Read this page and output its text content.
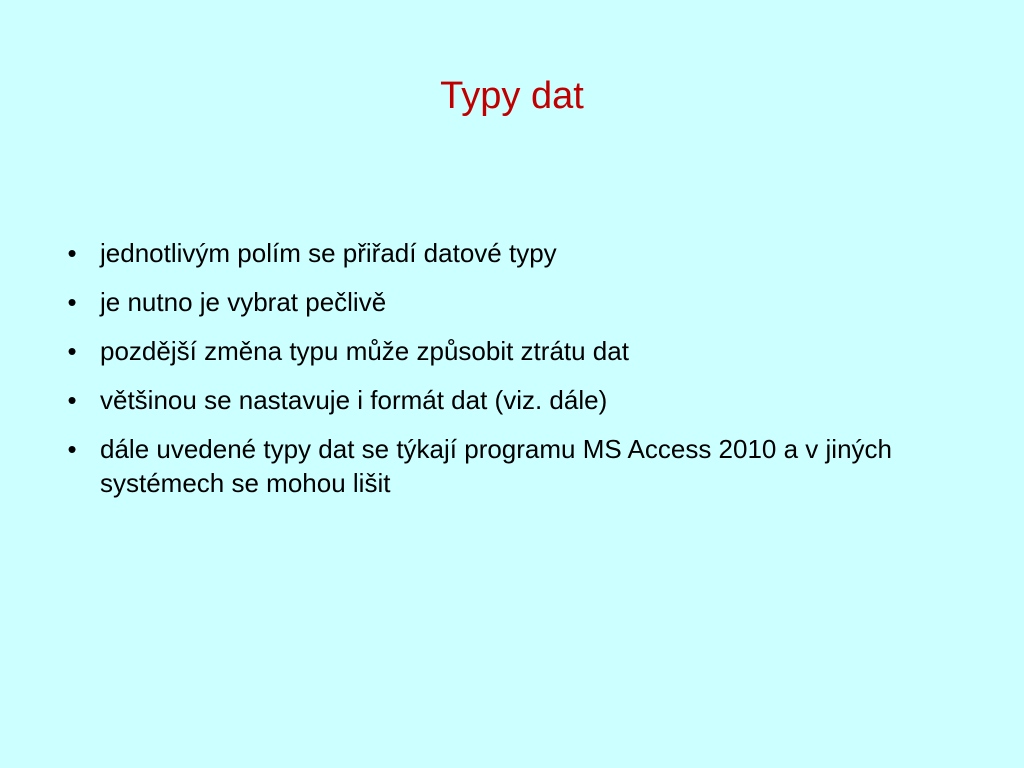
Typy dat
• jednotlivým polím se přiřadí datové typy
• je nutno je vybrat pečlivě
• pozdější změna typu může způsobit ztrátu dat
• většinou se nastavuje i formát dat (viz. dále)
• dále uvedené typy dat se týkají programu MS Access 2010 a v jiných systémech se mohou lišit
